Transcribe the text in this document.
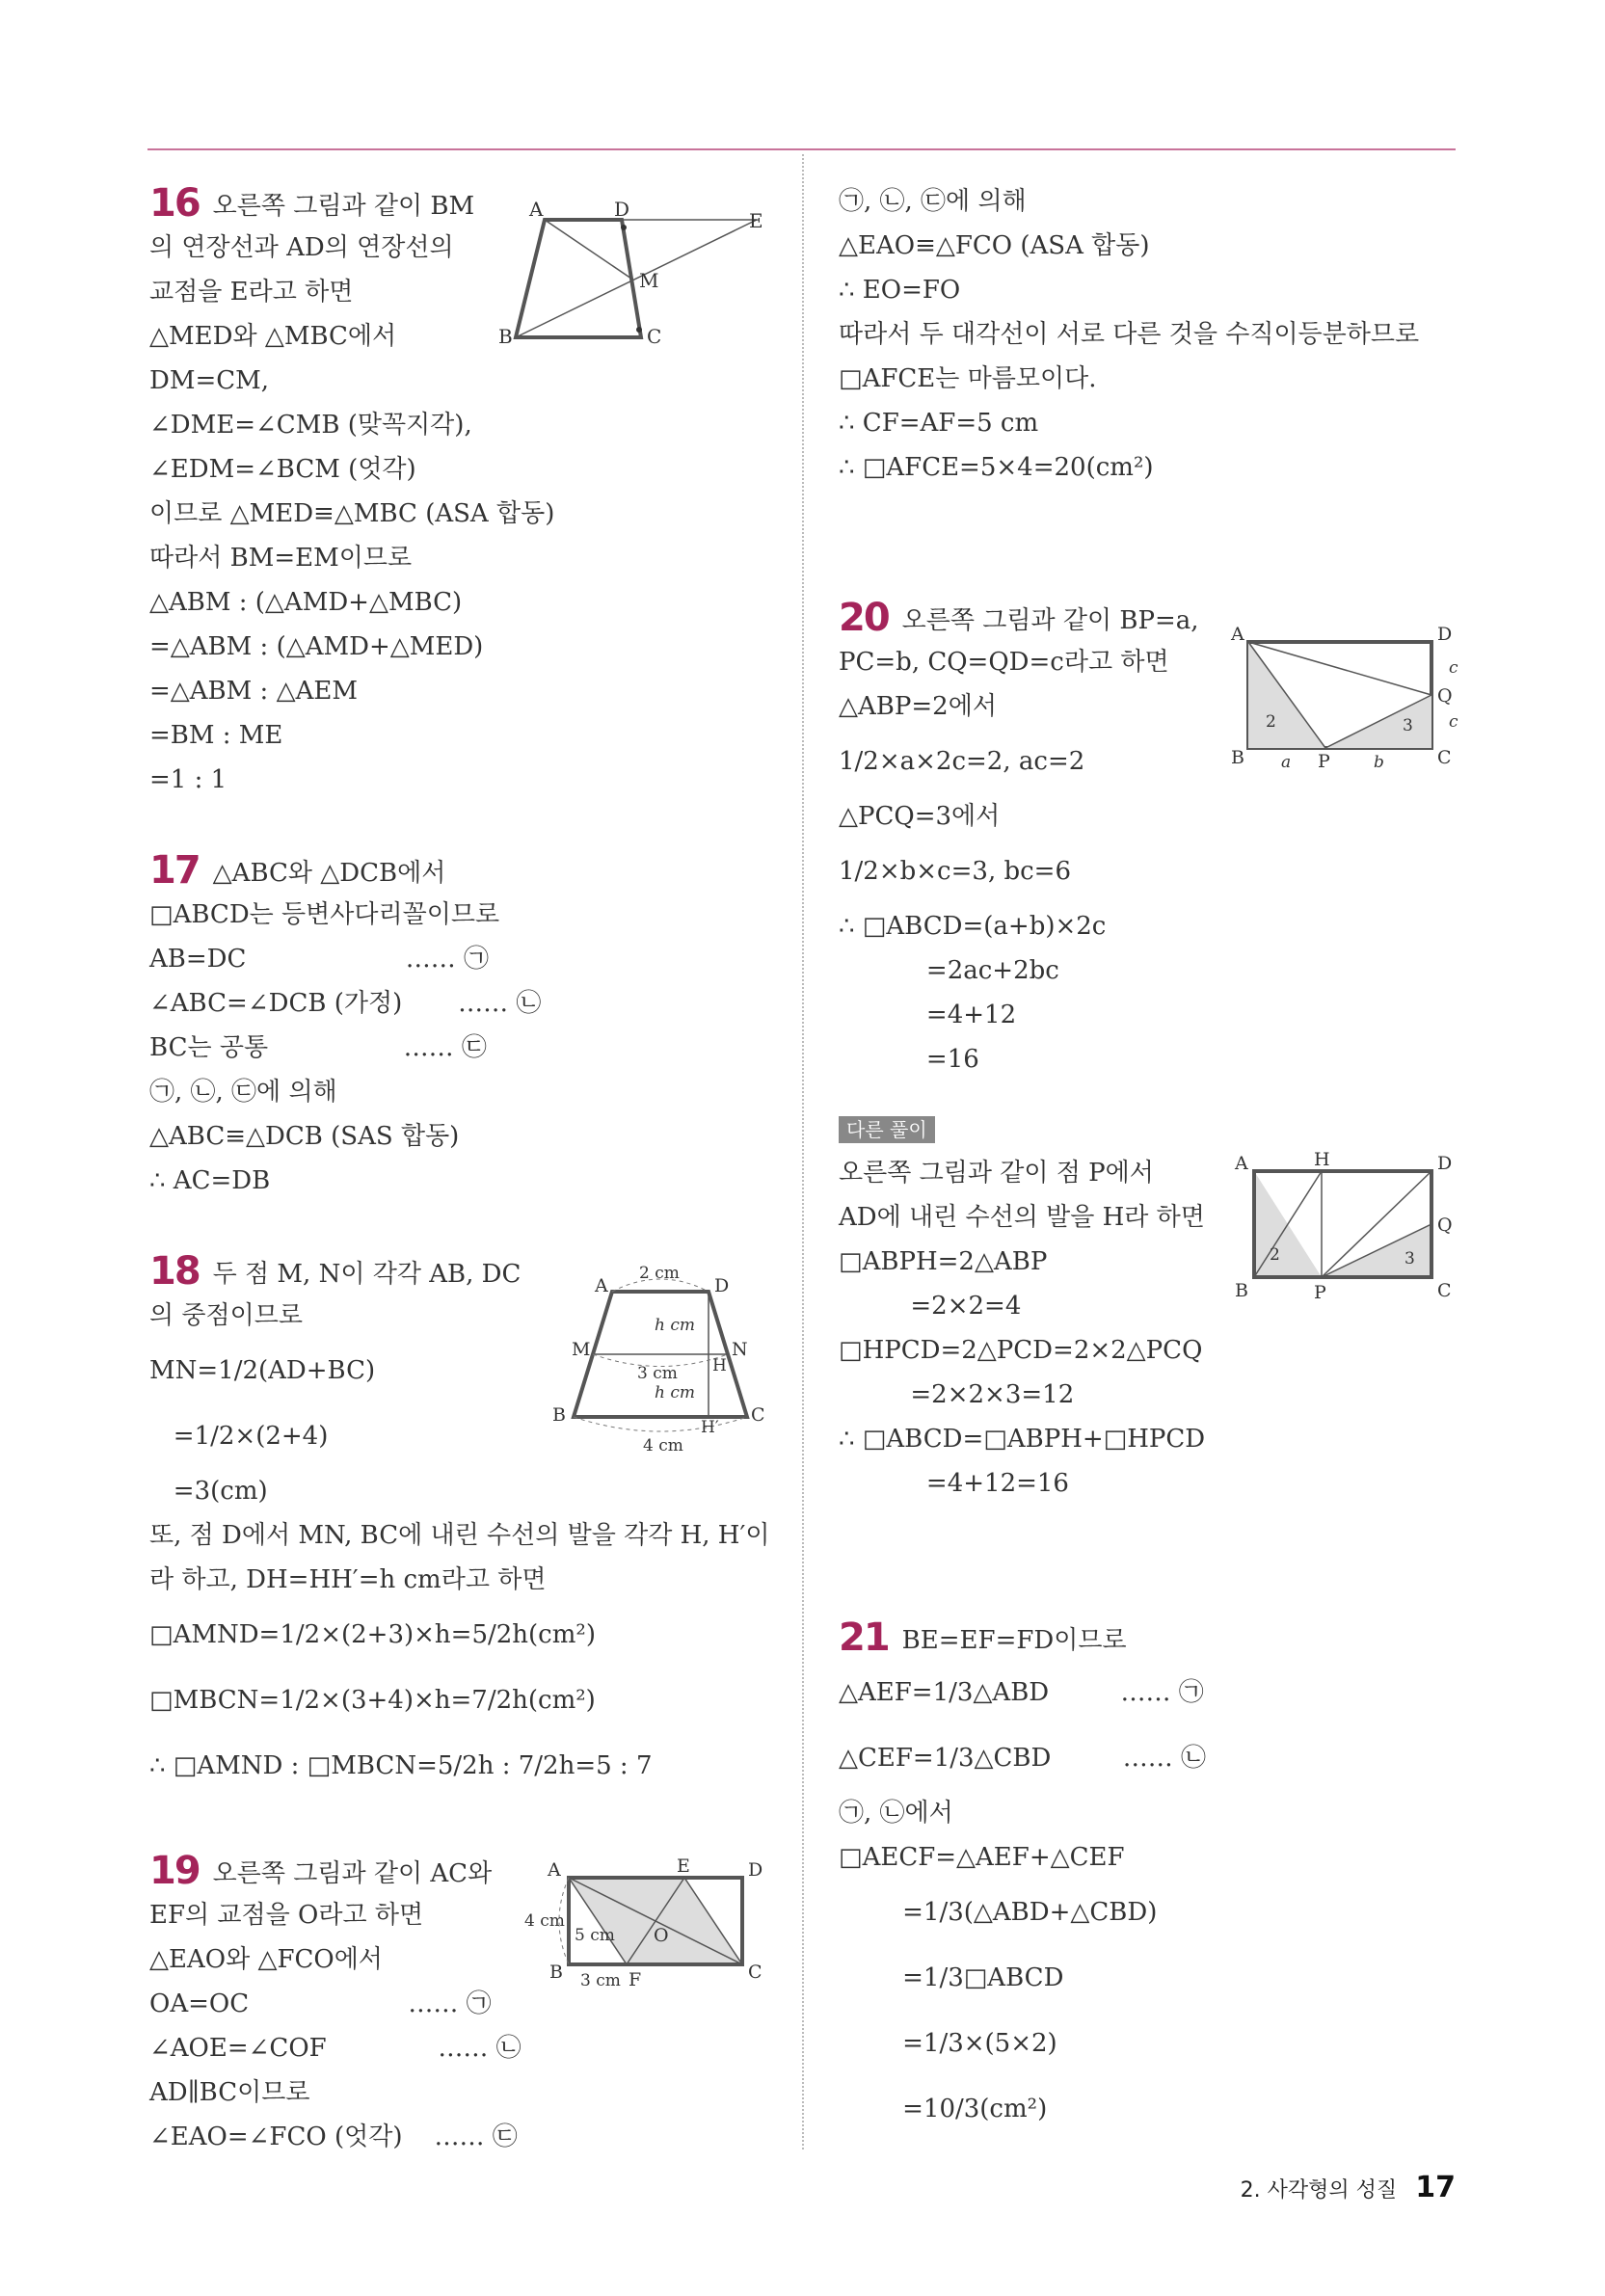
16 오른쪽 그림과 같이 BM
의 연장선과 AD의 연장선의
교점을 E라고 하면
△MED와 △MBC에서
DM=CM,
∠DME=∠CMB (맞꼭지각),
∠EDM=∠BCM (엇각)
이므로 △MED≡△MBC (ASA 합동)
따라서 BM=EM이므로
△ABM : (△AMD+△MBC)
=△ABM : (△AMD+△MED)
=△ABM : △AEM
=BM : ME
=1 : 1
17 △ABC와 △DCB에서
□ABCD는 등변사다리꼴이므로
AB=DC                    …… ㉠
∠ABC=∠DCB (가정)       …… ㉡
BC는 공통                 …… ㉢
㉠, ㉡, ㉢에 의해
△ABC≡△DCB (SAS 합동)
∴ AC=DB
18 두 점 M, N이 각각 AB, DC
의 중점이므로
MN=1/2(AD+BC)
=1/2×(2+4)
=3(cm)
또, 점 D에서 MN, BC에 내린 수선의 발을 각각 H, H′이
라 하고, DH=HH′=h cm라고 하면
□AMND=1/2×(2+3)×h=5/2h(cm²)
□MBCN=1/2×(3+4)×h=7/2h(cm²)
∴ □AMND : □MBCN=5/2h : 7/2h=5 : 7
19 오른쪽 그림과 같이 AC와
EF의 교점을 O라고 하면
△EAO와 △FCO에서
OA=OC                    …… ㉠
∠AOE=∠COF              …… ㉡
AD∥BC이므로
∠EAO=∠FCO (엇각)    …… ㉢
㉠, ㉡, ㉢에 의해
△EAO≡△FCO (ASA 합동)
∴ EO=FO
따라서 두 대각선이 서로 다른 것을 수직이등분하므로
□AFCE는 마름모이다.
∴ CF=AF=5 cm
∴ □AFCE=5×4=20(cm²)
20 오른쪽 그림과 같이 BP=a,
PC=b, CQ=QD=c라고 하면
△ABP=2에서
1/2×a×2c=2, ac=2
△PCQ=3에서
1/2×b×c=3, bc=6
∴ □ABCD=(a+b)×2c
=2ac+2bc
=4+12
=16
다른 풀이
오른쪽 그림과 같이 점 P에서
AD에 내린 수선의 발을 H라 하면
□ABPH=2△ABP
=2×2=4
□HPCD=2△PCD=2×2△PCQ
=2×2×3=12
∴ □ABCD=□ABPH+□HPCD
=4+12=16
21 BE=EF=FD이므로
△AEF=1/3△ABD         …… ㉠
△CEF=1/3△CBD         …… ㉡
㉠, ㉡에서
□AECF=△AEF+△CEF
=1/3(△ABD+△CBD)
=1/3□ABCD
=1/3×(5×2)
=10/3(cm²)
A	D	E
M
B	C
2 cm
h cm
3 cm
h cm
4 cm
A	D
M	N
H
B	C
H′
4 cm
5 cm
3 cm
A	E	D
O
B	F	C
2	3
A	D
Q
B	P	C
a	b
c
c
2	3
A	H	D
Q
B	P	C
2. 사각형의 성질 17
